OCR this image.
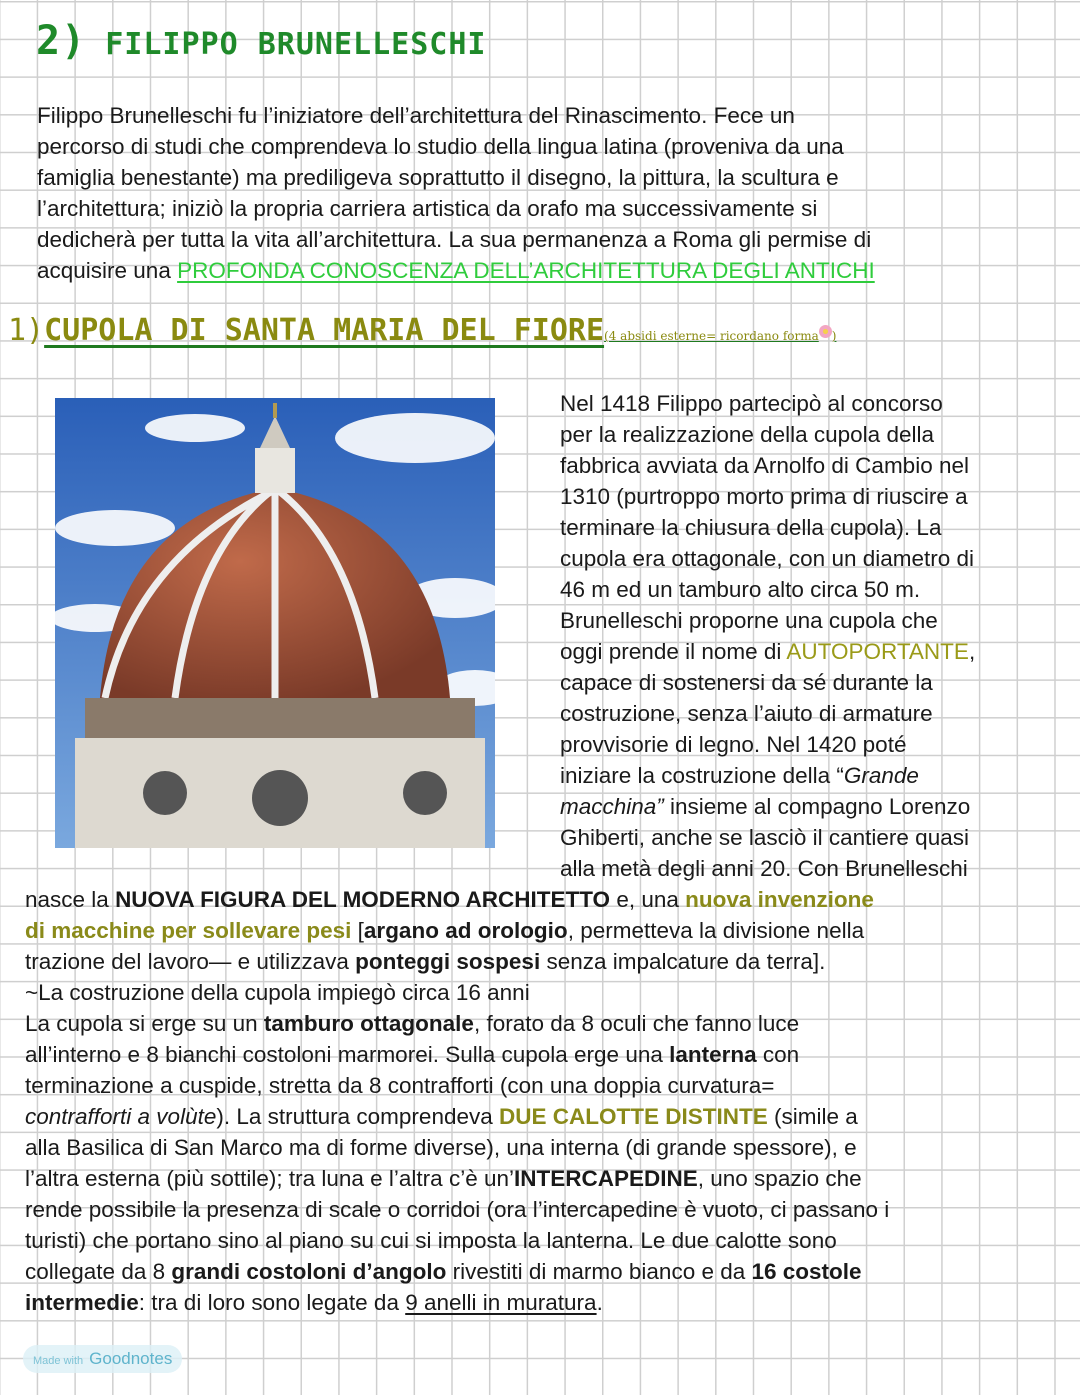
2) FILIPPO BRUNELLESCHI
Filippo Brunelleschi fu l’iniziatore dell’architettura del Rinascimento. Fece un
percorso di studi che comprendeva lo studio della lingua latina (proveniva da una
famiglia benestante) ma prediligeva soprattutto il disegno, la pittura, la scultura e
l’architettura; iniziò la propria carriera artistica da orafo ma successivamente si
dedicherà per tutta la vita all’architettura. La sua permanenza a Roma gli permise di
acquisire una PROFONDA CONOSCENZA DELL’ARCHITETTURA DEGLI ANTICHI
1)CUPOLA DI SANTA MARIA DEL FIORE(4 absidi esterne= ricordano forma )
Nel 1418 Filippo partecipò al concorso
per la realizzazione della cupola della
fabbrica avviata da Arnolfo di Cambio nel
1310 (purtroppo morto prima di riuscire a
terminare la chiusura della cupola). La
cupola era ottagonale, con un diametro di
46 m ed un tamburo alto circa 50 m.
Brunelleschi proporne una cupola che
oggi prende il nome di AUTOPORTANTE,
capace di sostenersi da sé durante la
costruzione, senza l’aiuto di armature
provvisorie di legno. Nel 1420 poté
iniziare la costruzione della “Grande
macchina” insieme al compagno Lorenzo
Ghiberti, anche se lasciò il cantiere quasi
alla metà degli anni 20. Con Brunelleschi
nasce la NUOVA FIGURA DEL MODERNO ARCHITETTO e, una nuova invenzione
di macchine per sollevare pesi [argano ad orologio, permetteva la divisione nella
trazione del lavoro— e utilizzava ponteggi sospesi senza impalcature da terra].
~La costruzione della cupola impiegò circa 16 anni
La cupola si erge su un tamburo ottagonale, forato da 8 oculi che fanno luce
all’interno e 8 bianchi costoloni marmorei. Sulla cupola erge una lanterna con
terminazione a cuspide, stretta da 8 contrafforti (con una doppia curvatura=
contrafforti a volùte). La struttura comprendeva DUE CALOTTE DISTINTE (simile a
alla Basilica di San Marco ma di forme diverse), una interna (di grande spessore), e
l’altra esterna (più sottile); tra luna e l’altra c’è un’INTERCAPEDINE, uno spazio che
rende possibile la presenza di scale o corridoi (ora l’intercapedine è vuoto, ci passano i
turisti) che portano sino al piano su cui si imposta la lanterna. Le due calotte sono
collegate da 8 grandi costoloni d’angolo rivestiti di marmo bianco e da 16 costole
intermedie: tra di loro sono legate da 9 anelli in muratura.
Made with Goodnotes
